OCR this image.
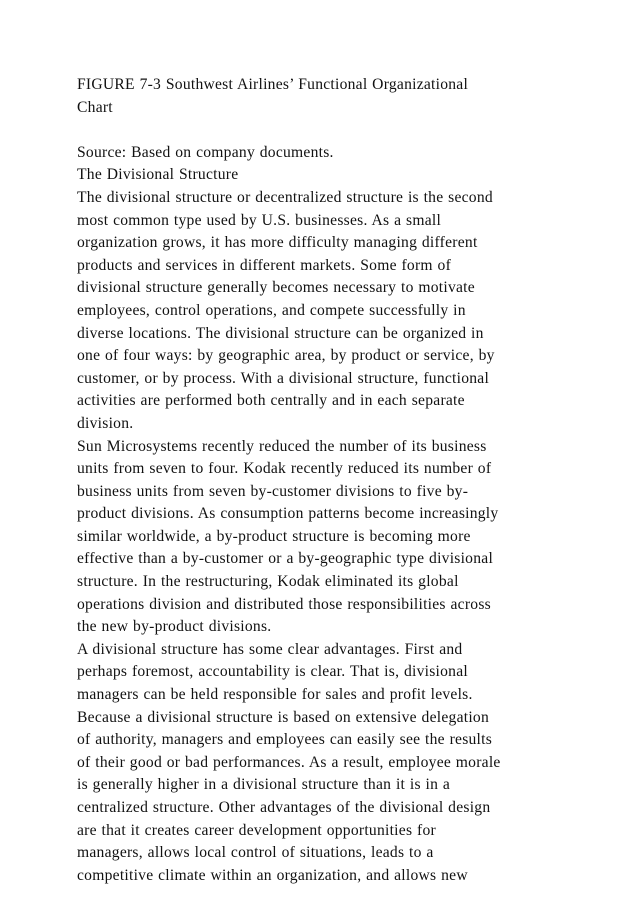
FIGURE 7-3 Southwest Airlines’ Functional Organizational
Chart
Source: Based on company documents.
The Divisional Structure
The divisional structure or decentralized structure is the second
most common type used by U.S. businesses. As a small
organization grows, it has more difficulty managing different
products and services in different markets. Some form of
divisional structure generally becomes necessary to motivate
employees, control operations, and compete successfully in
diverse locations. The divisional structure can be organized in
one of four ways: by geographic area, by product or service, by
customer, or by process. With a divisional structure, functional
activities are performed both centrally and in each separate
division.
Sun Microsystems recently reduced the number of its business
units from seven to four. Kodak recently reduced its number of
business units from seven by-customer divisions to five by-
product divisions. As consumption patterns become increasingly
similar worldwide, a by-product structure is becoming more
effective than a by-customer or a by-geographic type divisional
structure. In the restructuring, Kodak eliminated its global
operations division and distributed those responsibilities across
the new by-product divisions.
A divisional structure has some clear advantages. First and
perhaps foremost, accountability is clear. That is, divisional
managers can be held responsible for sales and profit levels.
Because a divisional structure is based on extensive delegation
of authority, managers and employees can easily see the results
of their good or bad performances. As a result, employee morale
is generally higher in a divisional structure than it is in a
centralized structure. Other advantages of the divisional design
are that it creates career development opportunities for
managers, allows local control of situations, leads to a
competitive climate within an organization, and allows new
